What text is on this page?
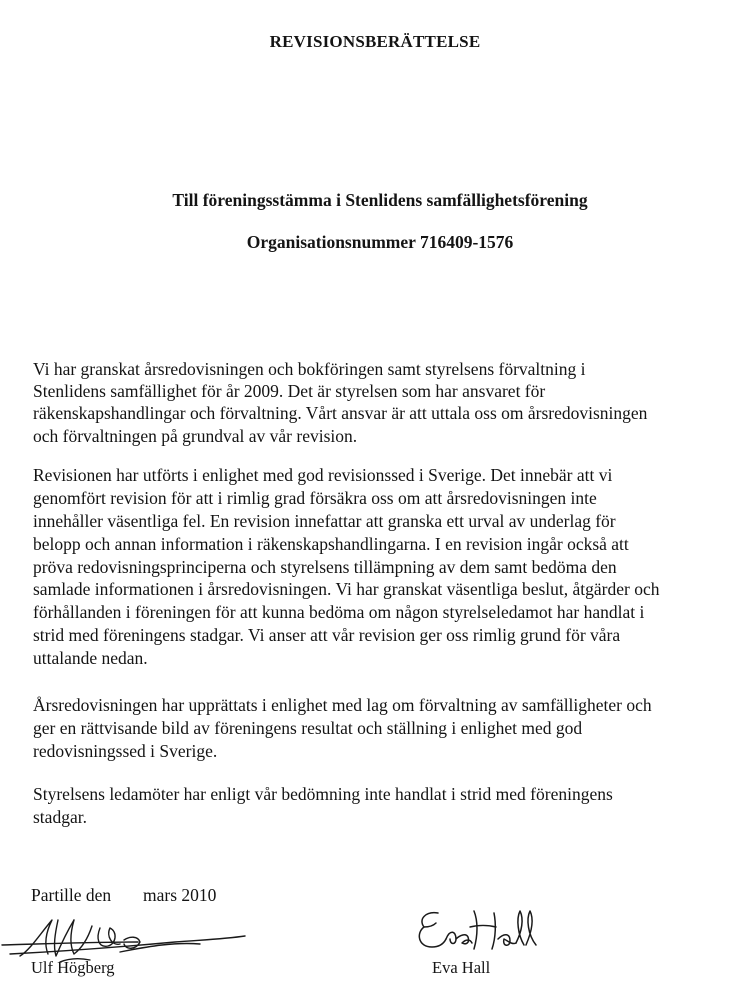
REVISIONSBERÄTTELSE
Till föreningsstämma i Stenlidens samfällighetsförening
Organisationsnummer 716409-1576
Vi har granskat årsredovisningen och bokföringen samt styrelsens förvaltning i
Stenlidens samfällighet för år 2009. Det är styrelsen som har ansvaret för
räkenskapshandlingar och förvaltning. Vårt ansvar är att uttala oss om årsredovisningen
och förvaltningen på grundval av vår revision.
Revisionen har utförts i enlighet med god revisionssed i Sverige. Det innebär att vi
genomfört revision för att i rimlig grad försäkra oss om att årsredovisningen inte
innehåller väsentliga fel. En revision innefattar att granska ett urval av underlag för
belopp och annan information i räkenskapshandlingarna. I en revision ingår också att
pröva redovisningsprinciperna och styrelsens tillämpning av dem samt bedöma den
samlade informationen i årsredovisningen. Vi har granskat väsentliga beslut, åtgärder och
förhållanden i föreningen för att kunna bedöma om någon styrelseledamot har handlat i
strid med föreningens stadgar. Vi anser att vår revision ger oss rimlig grund för våra
uttalande nedan.
Årsredovisningen har upprättats i enlighet med lag om förvaltning av samfälligheter och
ger en rättvisande bild av föreningens resultat och ställning i enlighet med god
redovisningssed i Sverige.
Styrelsens ledamöter har enligt vår bedömning inte handlat i strid med föreningens
stadgar.
Partille den mars 2010
Ulf Högberg	Eva Hall
